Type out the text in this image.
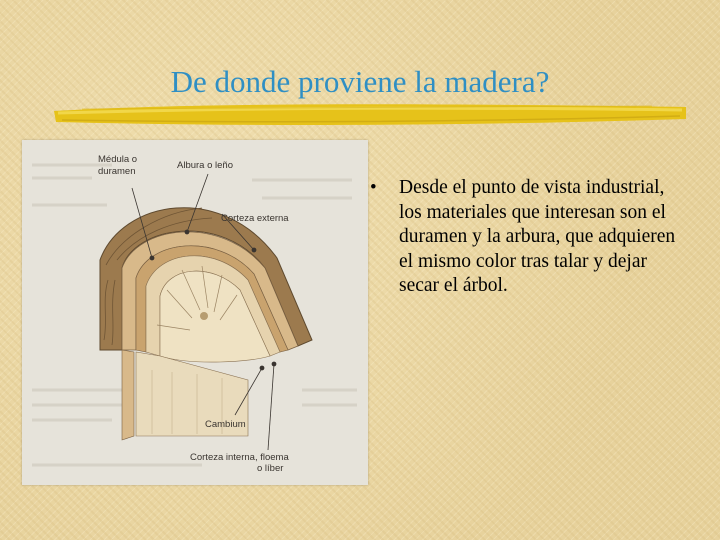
De donde proviene la madera?
Médula o
duramen
Albura o leño
Corteza externa
Cambium
Corteza interna, floema
o líber
• Desde el punto de vista industrial, los materiales que interesan son el duramen y la arbura, que adquieren el mismo color tras talar y dejar secar el árbol.
